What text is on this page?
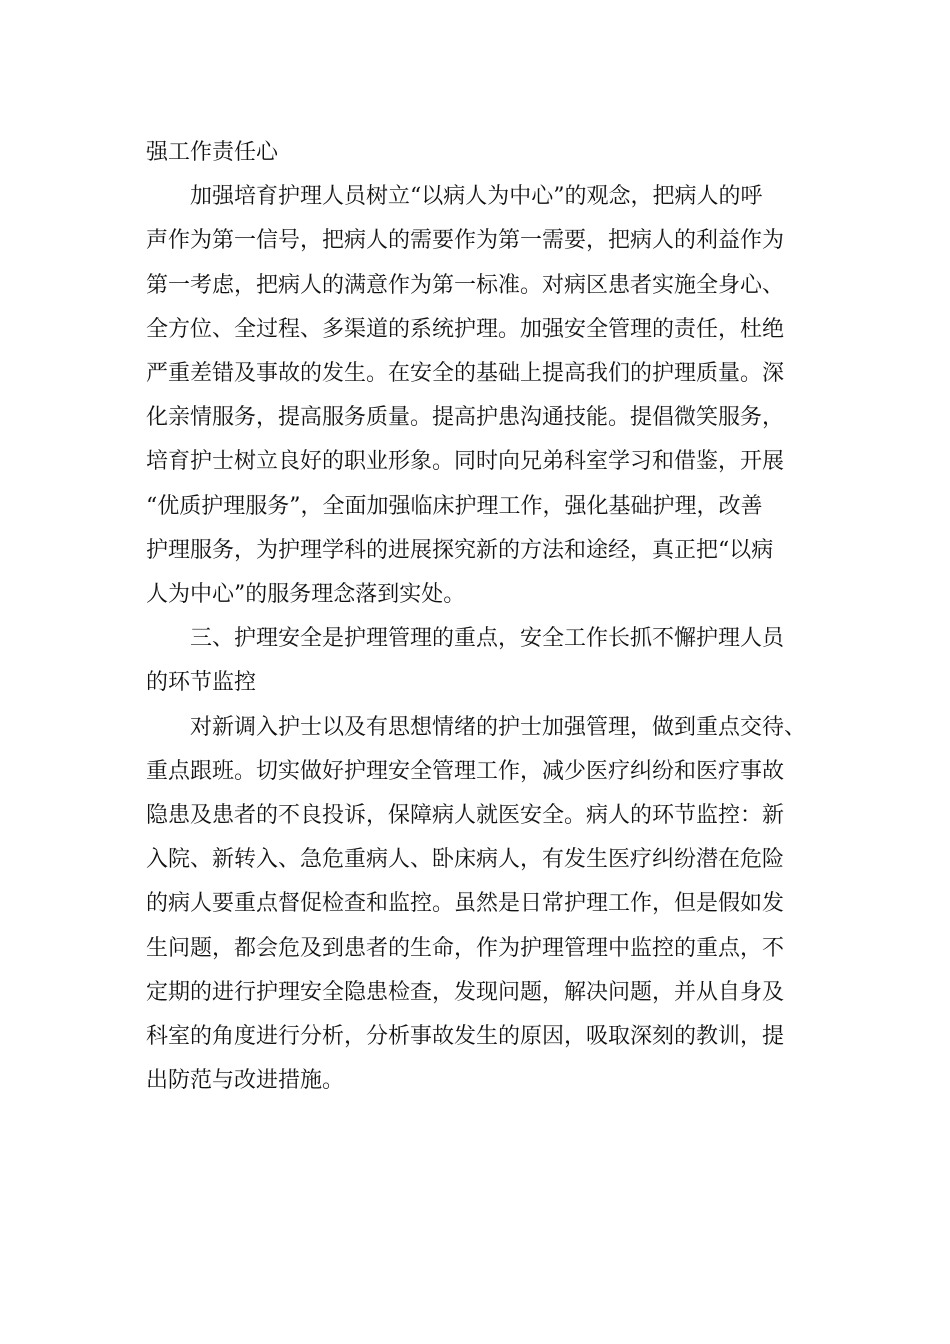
强工作责任心

加强培育护理人员树立“以病人为中心”的观念，把病人的呼
声作为第一信号，把病人的需要作为第一需要，把病人的利益作为
第一考虑，把病人的满意作为第一标准。对病区患者实施全身心、
全方位、全过程、多渠道的系统护理。加强安全管理的责任，杜绝
严重差错及事故的发生。在安全的基础上提高我们的护理质量。深
化亲情服务，提高服务质量。提高护患沟通技能。提倡微笑服务，
培育护士树立良好的职业形象。同时向兄弟科室学习和借鉴，开展
“优质护理服务”，全面加强临床护理工作，强化基础护理，改善
护理服务，为护理学科的进展探究新的方法和途经，真正把“以病
人为中心”的服务理念落到实处。

三、护理安全是护理管理的重点，安全工作长抓不懈护理人员
的环节监控

对新调入护士以及有思想情绪的护士加强管理，做到重点交待、
重点跟班。切实做好护理安全管理工作，减少医疗纠纷和医疗事故
隐患及患者的不良投诉，保障病人就医安全。病人的环节监控：新
入院、新转入、急危重病人、卧床病人，有发生医疗纠纷潜在危险
的病人要重点督促检查和监控。虽然是日常护理工作，但是假如发
生问题，都会危及到患者的生命，作为护理管理中监控的重点，不
定期的进行护理安全隐患检查，发现问题，解决问题，并从自身及
科室的角度进行分析，分析事故发生的原因，吸取深刻的教训，提
出防范与改进措施。
